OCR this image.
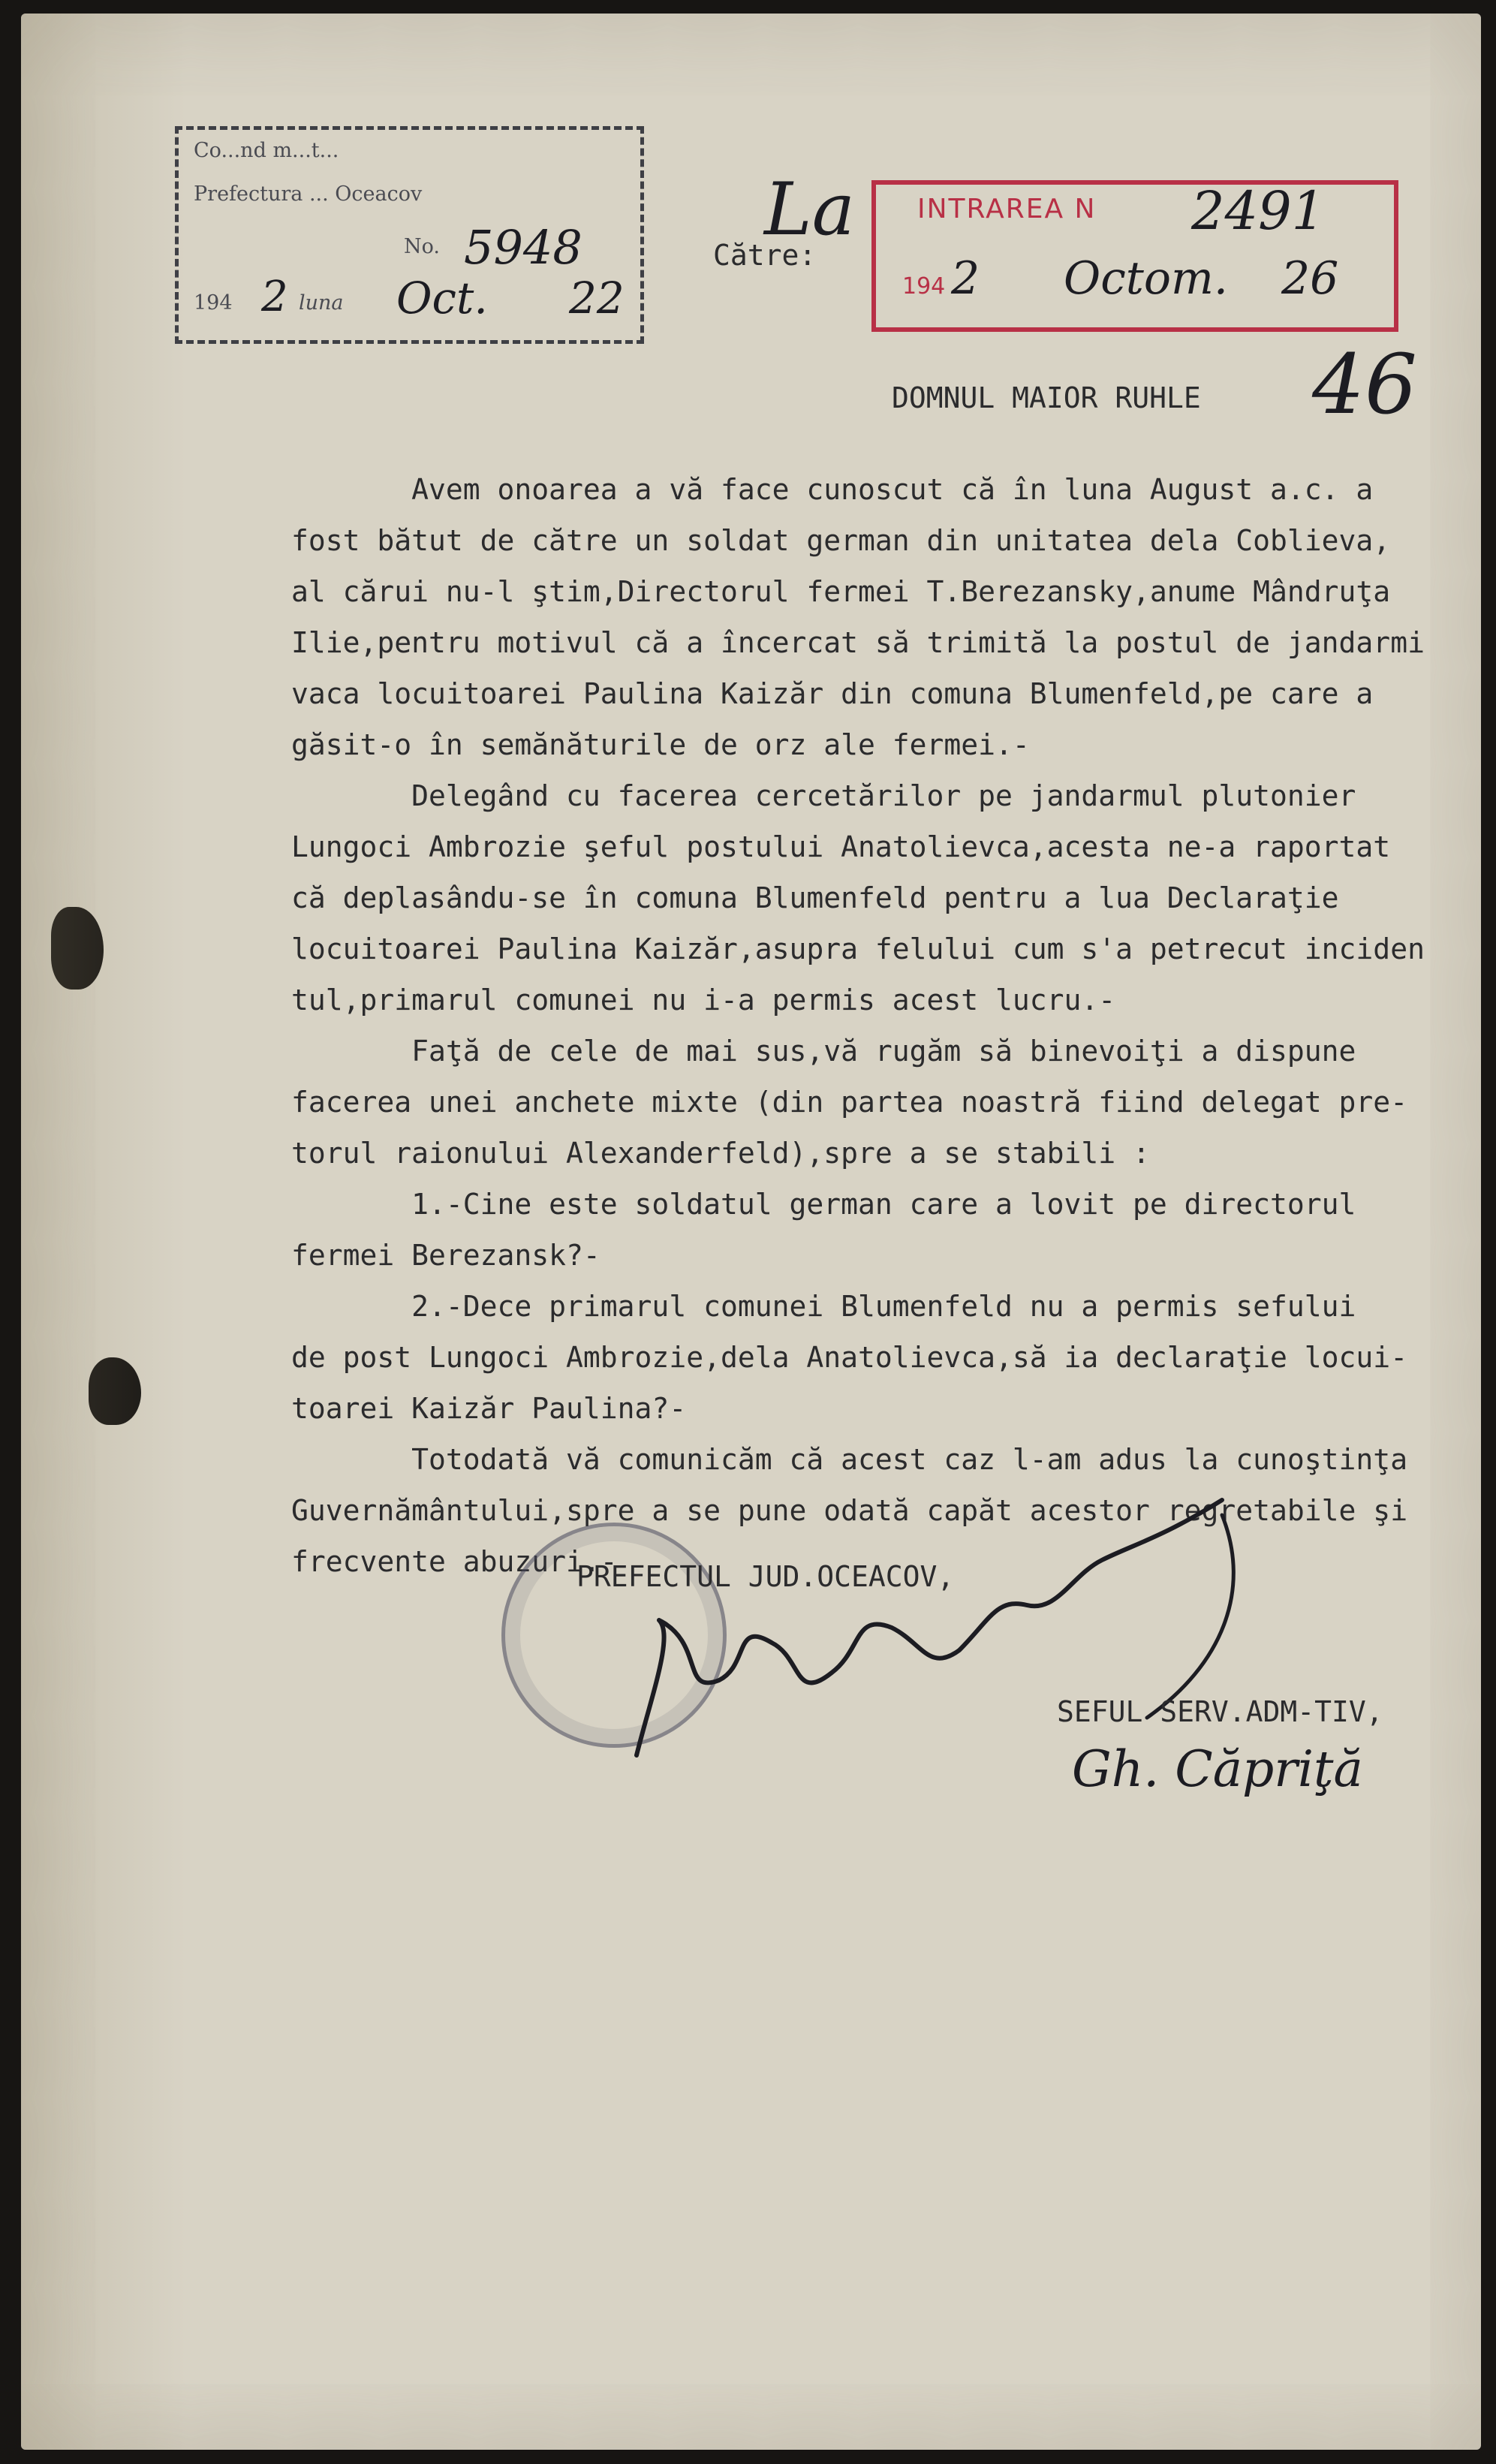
Co...nd m...t...
Prefectura ... Oceacov
No. 5948
194 2 luna Oct. 22
Către:
La INTRAREA N 2491
194 2 Octom. 26
46
DOMNUL MAIOR RUHLE
Avem onoarea a vă face cunoscut că în luna August a.c. a
fost bătut de către un soldat german din unitatea dela Coblieva,
al cărui nu-l ştim,Directorul fermei T.Berezansky,anume Mândruţa
Ilie,pentru motivul că a încercat să trimită la postul de jandarmi
vaca locuitoarei Paulina Kaizăr din comuna Blumenfeld,pe care a
găsit-o în semănăturile de orz ale fermei.-
Delegând cu facerea cercetărilor pe jandarmul plutonier
Lungoci Ambrozie şeful postului Anatolievca,acesta ne-a raportat
că deplasându-se în comuna Blumenfeld pentru a lua Declaraţie
locuitoarei Paulina Kaizăr,asupra felului cum s'a petrecut inciden
tul,primarul comunei nu i-a permis acest lucru.-
Faţă de cele de mai sus,vă rugăm să binevoiţi a dispune
facerea unei anchete mixte (din partea noastră fiind delegat pre-
torul raionului Alexanderfeld),spre a se stabili :
1.-Cine este soldatul german care a lovit pe directorul
fermei Berezansk?-
2.-Dece primarul comunei Blumenfeld nu a permis sefului
de post Lungoci Ambrozie,dela Anatolievca,să ia declaraţie locui-
toarei Kaizăr Paulina?-
Totodată vă comunicăm că acest caz l-am adus la cunoştinţa
Guvernământului,spre a se pune odată capăt acestor regretabile şi
frecvente abuzuri.-
PREFECTUL JUD.OCEACOV,
SEFUL SERV.ADM-TIV,
Gh. Căpriţă
